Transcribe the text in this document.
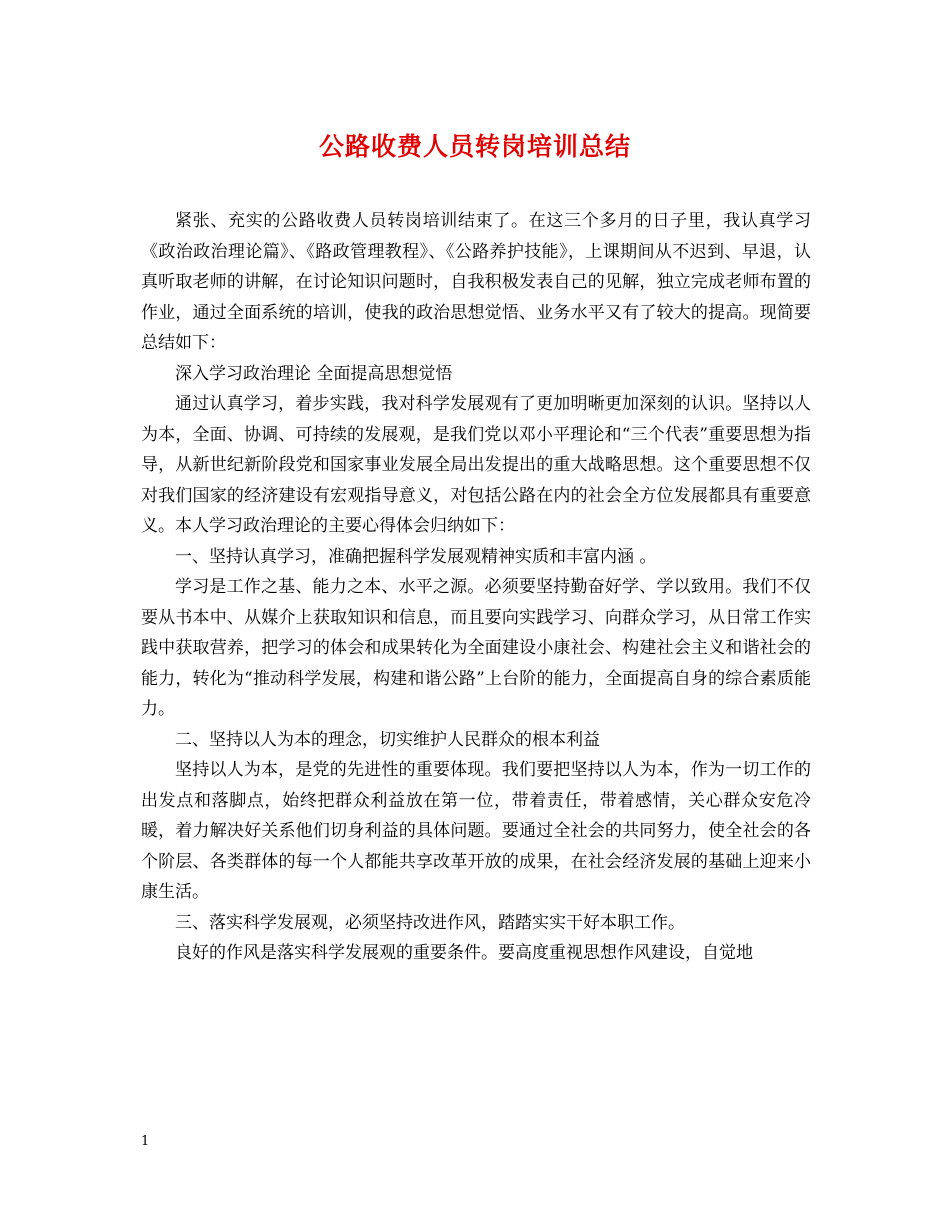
公路收费人员转岗培训总结

紧张、充实的公路收费人员转岗培训结束了。在这三个多月的日子里，我认真学习《政治政治理论篇》、《路政管理教程》、《公路养护技能》，上课期间从不迟到、早退，认真听取老师的讲解，在讨论知识问题时，自我积极发表自己的见解，独立完成老师布置的作业，通过全面系统的培训，使我的政治思想觉悟、业务水平又有了较大的提高。现简要总结如下：

深入学习政治理论 全面提高思想觉悟

通过认真学习，着步实践，我对科学发展观有了更加明晰更加深刻的认识。坚持以人为本，全面、协调、可持续的发展观，是我们党以邓小平理论和“三个代表”重要思想为指导，从新世纪新阶段党和国家事业发展全局出发提出的重大战略思想。这个重要思想不仅对我们国家的经济建设有宏观指导意义，对包括公路在内的社会全方位发展都具有重要意义。本人学习政治理论的主要心得体会归纳如下：

一、坚持认真学习，准确把握科学发展观精神实质和丰富内涵 。

学习是工作之基、能力之本、水平之源。必须要坚持勤奋好学、学以致用。我们不仅要从书本中、从媒介上获取知识和信息，而且要向实践学习、向群众学习，从日常工作实践中获取营养，把学习的体会和成果转化为全面建设小康社会、构建社会主义和谐社会的能力，转化为“推动科学发展，构建和谐公路”上台阶的能力，全面提高自身的综合素质能力。

二、坚持以人为本的理念，切实维护人民群众的根本利益

坚持以人为本，是党的先进性的重要体现。我们要把坚持以人为本，作为一切工作的出发点和落脚点，始终把群众利益放在第一位，带着责任，带着感情，关心群众安危冷暖，着力解决好关系他们切身利益的具体问题。要通过全社会的共同努力，使全社会的各个阶层、各类群体的每一个人都能共享改革开放的成果，在社会经济发展的基础上迎来小康生活。

三、落实科学发展观，必须坚持改进作风，踏踏实实干好本职工作。

良好的作风是落实科学发展观的重要条件。要高度重视思想作风建设，自觉地

1
